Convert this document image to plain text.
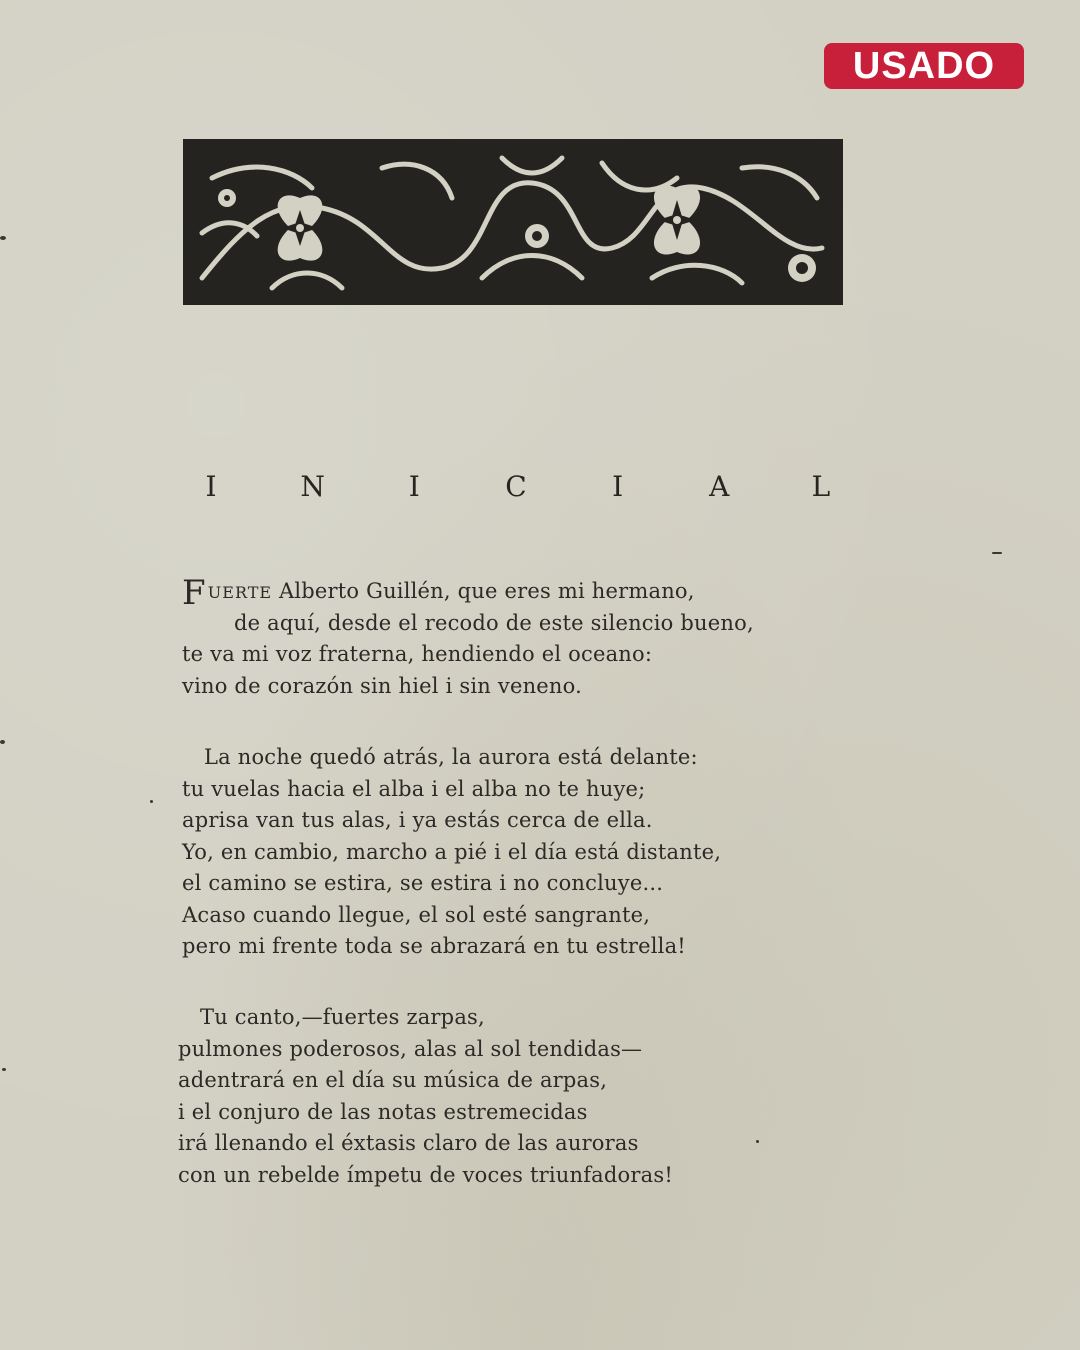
USADO
I	N	I	C	I	A	L
FUERTE Alberto Guillén, que eres mi hermano,
de aquí, desde el recodo de este silencio bueno,
te va mi voz fraterna, hendiendo el oceano:
vino de corazón sin hiel i sin veneno.
La noche quedó atrás, la aurora está delante:
tu vuelas hacia el alba i el alba no te huye;
aprisa van tus alas, i ya estás cerca de ella.
Yo, en cambio, marcho a pié i el día está distante,
el camino se estira, se estira i no concluye...
Acaso cuando llegue, el sol esté sangrante,
pero mi frente toda se abrazará en tu estrella!
Tu canto,—fuertes zarpas,
pulmones poderosos, alas al sol tendidas—
adentrará en el día su música de arpas,
i el conjuro de las notas estremecidas
irá llenando el éxtasis claro de las auroras
con un rebelde ímpetu de voces triunfadoras!
